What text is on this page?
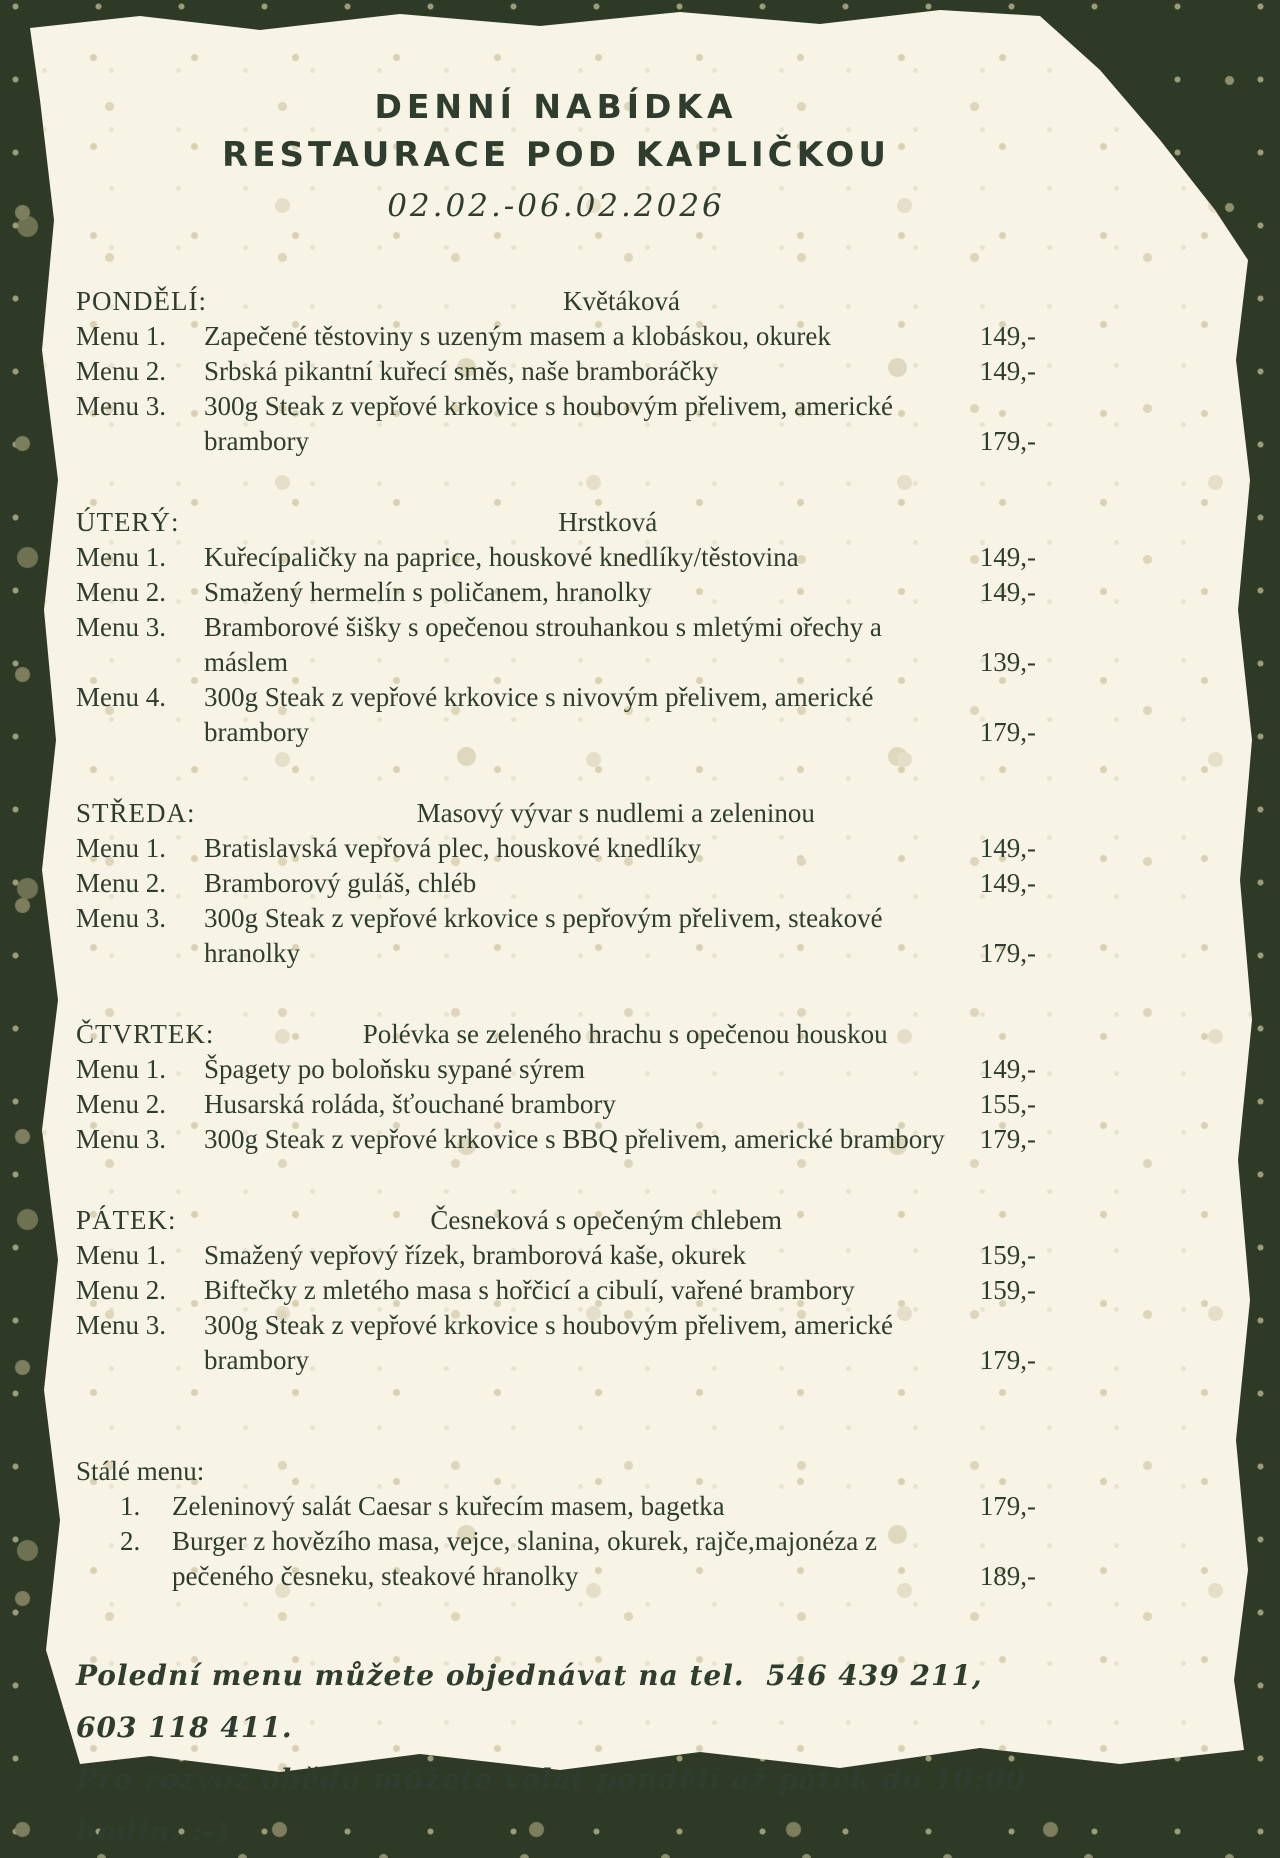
DENNÍ NABÍDKA
RESTAURACE POD KAPLIČKOU
02.02.-06.02.2026
PONDĚLÍ:	Květáková
Menu 1.	Zapečené těstoviny s uzeným masem a klobáskou, okurek	149,-
Menu 2.	Srbská pikantní kuřecí směs, naše bramboráčky	149,-
Menu 3.	300g Steak z vepřové krkovice s houbovým přelivem, americké brambory	179,-
ÚTERÝ:	Hrstková
Menu 1.	Kuřecípaličky na paprice, houskové knedlíky/těstovina	149,-
Menu 2.	Smažený hermelín s poličanem, hranolky	149,-
Menu 3.	Bramborové šišky s opečenou strouhankou s mletými ořechy a máslem	139,-
Menu 4.	300g Steak z vepřové krkovice s nivovým přelivem, americké brambory	179,-
STŘEDA:	Masový vývar s nudlemi a zeleninou
Menu 1.	Bratislavská vepřová plec, houskové knedlíky	149,-
Menu 2.	Bramborový guláš, chléb	149,-
Menu 3.	300g Steak z vepřové krkovice s pepřovým přelivem, steakové hranolky	179,-
ČTVRTEK:	Polévka se zeleného hrachu s opečenou houskou
Menu 1.	Špagety po boloňsku sypané sýrem	149,-
Menu 2.	Husarská roláda, šťouchané brambory	155,-
Menu 3.	300g Steak z vepřové krkovice s BBQ přelivem, americké brambory	179,-
PÁTEK:	Česneková s opečeným chlebem
Menu 1.	Smažený vepřový řízek, bramborová kaše, okurek	159,-
Menu 2.	Biftečky z mletého masa s hořčicí a cibulí, vařené brambory	159,-
Menu 3.	300g Steak z vepřové krkovice s houbovým přelivem, americké brambory	179,-
Stálé menu:
1.	Zeleninový salát Caesar s kuřecím masem, bagetka	179,-
2.	Burger z hovězího masa, vejce, slanina, okurek, rajče,majonéza z pečeného česneku, steakové hranolky	189,-
Polední menu můžete objednávat na tel.  546 439 211,  603 118 411.
Pro rozvoz obědu můžete volat pondělí až pátek do 10:00 hodin. :-)
